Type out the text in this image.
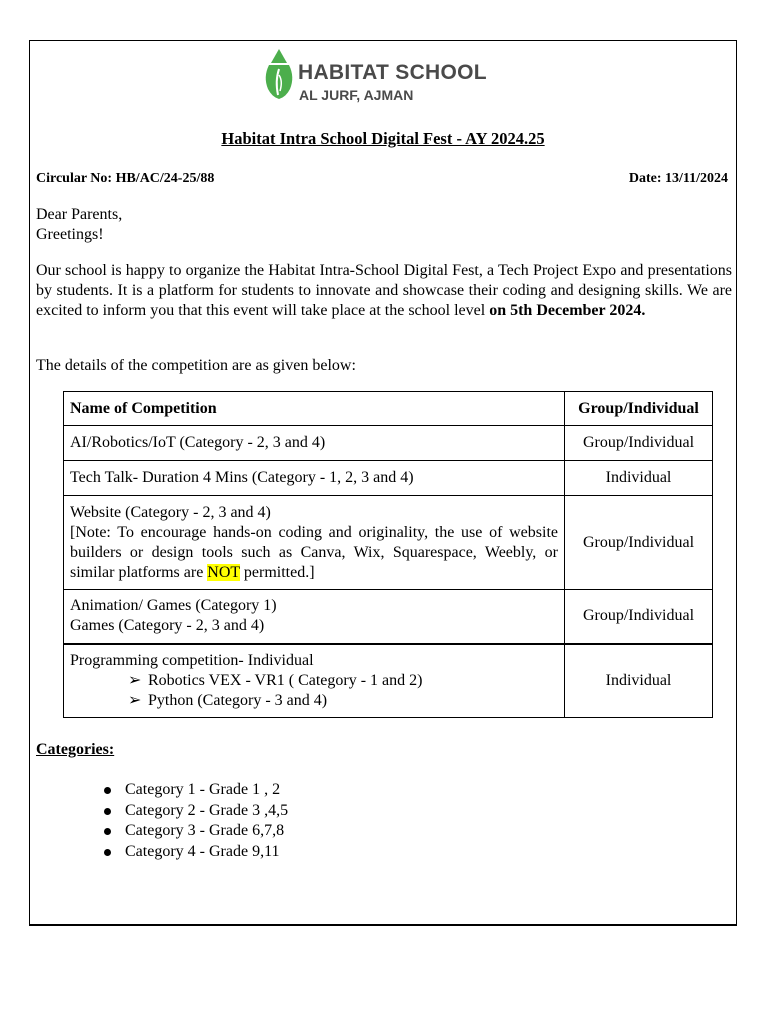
HABITAT SCHOOL
AL JURF, AJMAN
Habitat Intra School Digital Fest - AY 2024.25
Circular No: HB/AC/24-25/88	Date: 13/11/2024
Dear Parents,
Greetings!
Our school is happy to organize the Habitat Intra-School Digital Fest, a Tech Project Expo and presentations by students. It is a platform for students to innovate and showcase their coding and designing skills. We are excited to inform you that this event will take place at the school level on 5th December 2024.
The details of the competition are as given below:
Name of Competition	Group/Individual
AI/Robotics/IoT (Category - 2, 3 and 4)	Group/Individual
Tech Talk- Duration 4 Mins (Category - 1, 2, 3 and 4)	Individual
Website (Category - 2, 3 and 4)
[Note: To encourage hands-on coding and originality, the use of website builders or design tools such as Canva, Wix, Squarespace, Weebly, or similar platforms are NOT permitted.]	Group/Individual

Animation/ Games (Category 1)
Games (Category - 2, 3 and 4)	Group/Individual

Programming competition- Individual
➢ Robotics VEX - VR1 ( Category - 1 and 2)
➢ Python (Category - 3 and 4)	Individual
Categories:
Category 1 - Grade 1 , 2
Category 2 - Grade 3 ,4,5
Category 3 - Grade 6,7,8
Category 4 - Grade 9,11
